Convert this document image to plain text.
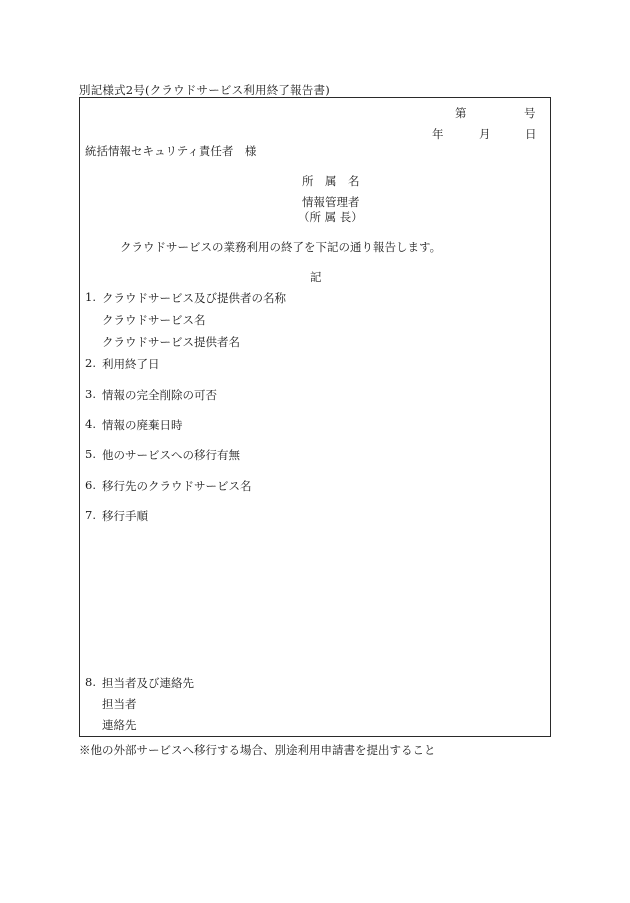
別記様式2号(クラウドサービス利用終了報告書)
第	号
年	月	日
統括情報セキュリティ責任者　様
所　属　名
情報管理者
（所 属 長）
クラウドサービスの業務利用の終了を下記の通り報告します。
記
1. クラウドサービス及び提供者の名称
クラウドサービス名
クラウドサービス提供者名
2. 利用終了日
3. 情報の完全削除の可否
4. 情報の廃棄日時
5. 他のサービスへの移行有無
6. 移行先のクラウドサービス名
7. 移行手順
8. 担当者及び連絡先
担当者
連絡先
※他の外部サービスへ移行する場合、別途利用申請書を提出すること
